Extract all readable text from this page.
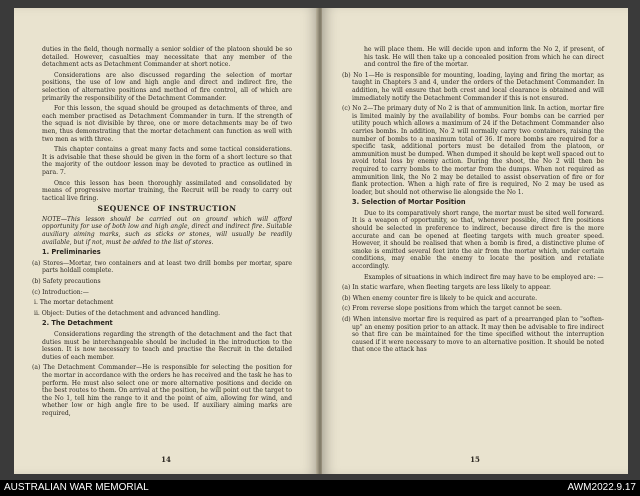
duties in the field, though normally a senior soldier of the platoon should be so detailed. However, casualties may necessitate that any member of the detachment acts as Detachment Commander at short notice.

Considerations are also discussed regarding the selection of mortar positions, the use of low and high angle and direct and indirect fire, the selection of alternative positions and method of fire control, all of which are primarily the responsibility of the Detachment Commander.

For this lesson, the squad should be grouped as detachments of three, and each member practised as Detachment Commander in turn. If the strength of the squad is not divisible by three, one or more detachments may be of two men, thus demonstrating that the mortar detachment can function as well with two men as with three.

This chapter contains a great many facts and some tactical considerations. It is advisable that these should be given in the form of a short lecture so that the majority of the outdoor lesson may be devoted to practice as outlined in para. 7.

Once this lesson has been thoroughly assimilated and consolidated by means of progressive mortar training, the Recruit will be ready to carry out tactical live firing.

SEQUENCE OF INSTRUCTION

NOTE—This lesson should be carried out on ground which will afford opportunity for use of both low and high angle, direct and indirect fire. Suitable auxiliary aiming marks, such as sticks or stones, will usually be readily available, but if not, must be added to the list of stores.

1. Preliminaries

(a) Stores—Mortar, two containers and at least two drill bombs per mortar, spare parts holdall complete.

(b) Safety precautions

(c) Introduction:—

i. The mortar detachment

ii. Object: Duties of the detachment and advanced handling.

2. The Detachment

Considerations regarding the strength of the detachment and the fact that duties must be interchangeable should be included in the introduction to the lesson. It is now necessary to teach and practise the Recruit in the detailed duties of each member.

(a) The Detachment Commander—He is responsible for selecting the position for the mortar in accordance with the orders he has received and the task he has to perform. He must also select one or more alternative positions and decide on the best routes to them. On arrival at the position, he will point out the target to the No 1, tell him the range to it and the point of aim, allowing for wind, and whether low or high angle fire to be used. If auxiliary aiming marks are required,

14

he will place them. He will decide upon and inform the No 2, if present, of his task. He will then take up a concealed position from which he can direct and control the fire of the mortar.

(b) No 1—He is responsible for mounting, loading, laying and firing the mortar, as taught in Chapters 3 and 4, under the orders of the Detachment Commander. In addition, he will ensure that both crest and local clearance is obtained and will immediately notify the Detachment Commander if this is not ensured.

(c) No 2—The primary duty of No 2 is that of ammunition link. In action, mortar fire is limited mainly by the availability of bombs. Four bombs can be carried per utility pouch which allows a maximum of 24 if the Detachment Commander also carries bombs. In addition, No 2 will normally carry two containers, raising the number of bombs to a maximum total of 36. If more bombs are required for a specific task, additional porters must be detailed from the platoon, or ammunition must be dumped. When dumped it should be kept well spaced out to avoid total loss by enemy action. During the shoot, the No 2 will then be required to carry bombs to the mortar from the dumps. When not required as ammunition link, the No 2 may be detailed to assist observation of fire or for flank protection. When a high rate of fire is required, No 2 may be used as loader, but should not otherwise lie alongside the No 1.

3. Selection of Mortar Position

Due to its comparatively short range, the mortar must be sited well forward. It is a weapon of opportunity, so that, whenever possible, direct fire positions should be selected in preference to indirect, because direct fire is the more accurate and can be opened at fleeting targets with much greater speed. However, it should be realised that when a bomb is fired, a distinctive plume of smoke is emitted several feet into the air from the mortar which, under certain conditions, may enable the enemy to locate the position and retaliate accordingly.

Examples of situations in which indirect fire may have to be employed are: —

(a) In static warfare, when fleeting targets are less likely to appear.

(b) When enemy counter fire is likely to be quick and accurate.

(c) From reverse slope positions from which the target cannot be seen.

(d) When intensive mortar fire is required as part of a prearranged plan to "soften-up" an enemy position prior to an attack. It may then be advisable to fire indirect so that fire can be maintained for the time specified without the interruption caused if it were necessary to move to an alternative position. It should be noted that once the attack has

15
AUSTRALIAN WAR MEMORIAL	AWM2022.9.17
